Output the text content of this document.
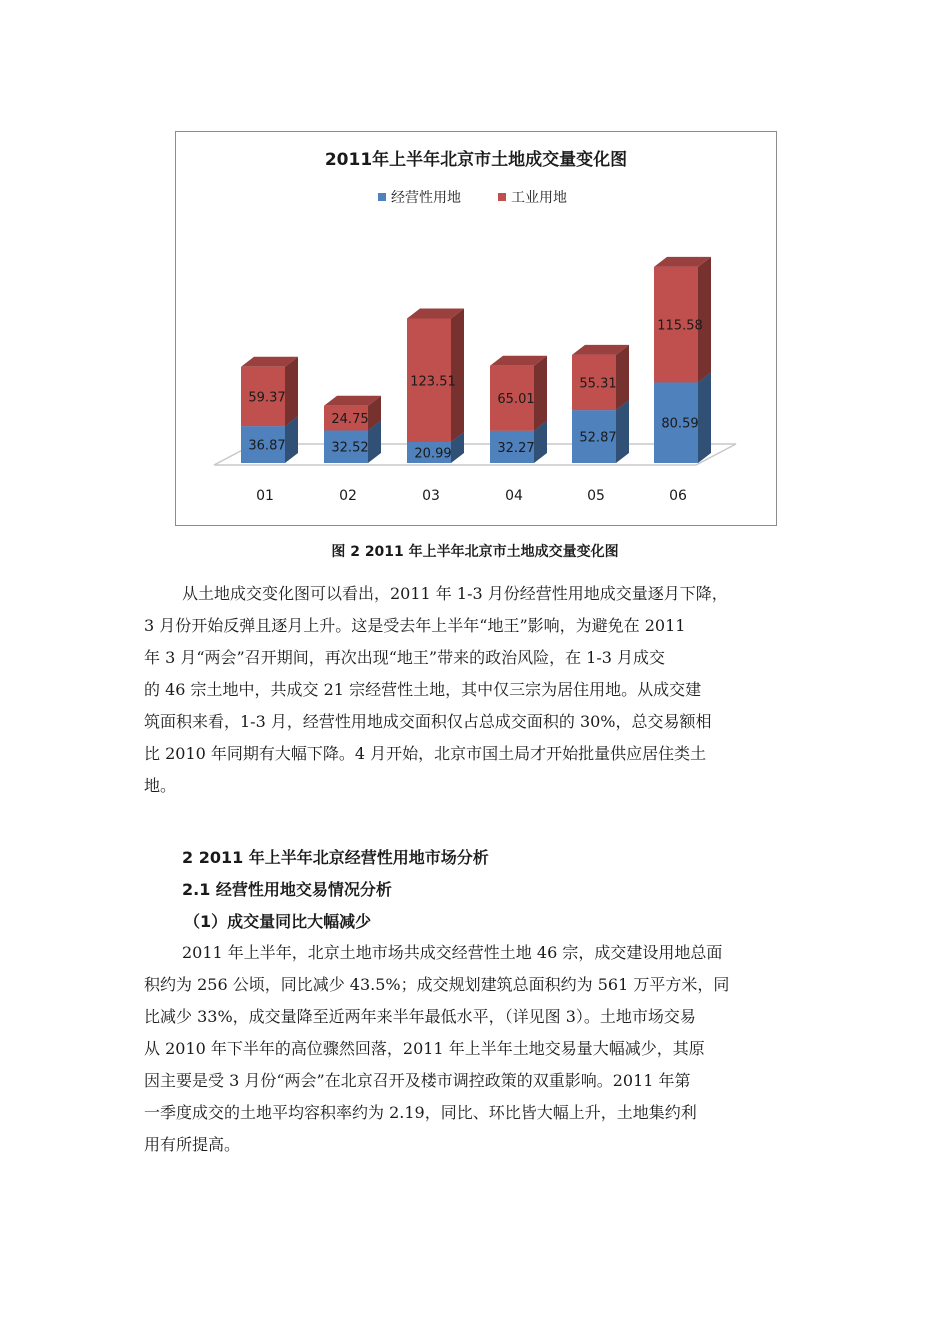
2011年上半年北京市土地成交量变化图
经营性用地	工业用地
36.87
59.37
32.52
24.75
20.99
123.51
32.27
65.01
52.87
55.31
80.59
115.58
01	02	03	04	05	06
图 2 2011 年上半年北京市土地成交量变化图
从土地成交变化图可以看出，2011 年 1-3 月份经营性用地成交量逐月下降，
3 月份开始反弹且逐月上升。这是受去年上半年“地王”影响，为避免在 2011
年 3 月“两会”召开期间，再次出现“地王”带来的政治风险，在 1-3 月成交
的 46 宗土地中，共成交 21 宗经营性土地，其中仅三宗为居住用地。从成交建
筑面积来看，1-3 月，经营性用地成交面积仅占总成交面积的 30%，总交易额相
比 2010 年同期有大幅下降。4 月开始，北京市国土局才开始批量供应居住类土
地。
2 2011 年上半年北京经营性用地市场分析
2.1 经营性用地交易情况分析
（1）成交量同比大幅减少
2011 年上半年，北京土地市场共成交经营性土地 46 宗，成交建设用地总面
积约为 256 公顷，同比减少 43.5%；成交规划建筑总面积约为 561 万平方米，同
比减少 33%，成交量降至近两年来半年最低水平，（详见图 3）。土地市场交易
从 2010 年下半年的高位骤然回落，2011 年上半年土地交易量大幅减少，其原
因主要是受 3 月份“两会”在北京召开及楼市调控政策的双重影响。2011 年第
一季度成交的土地平均容积率约为 2.19，同比、环比皆大幅上升，土地集约利
用有所提高。
